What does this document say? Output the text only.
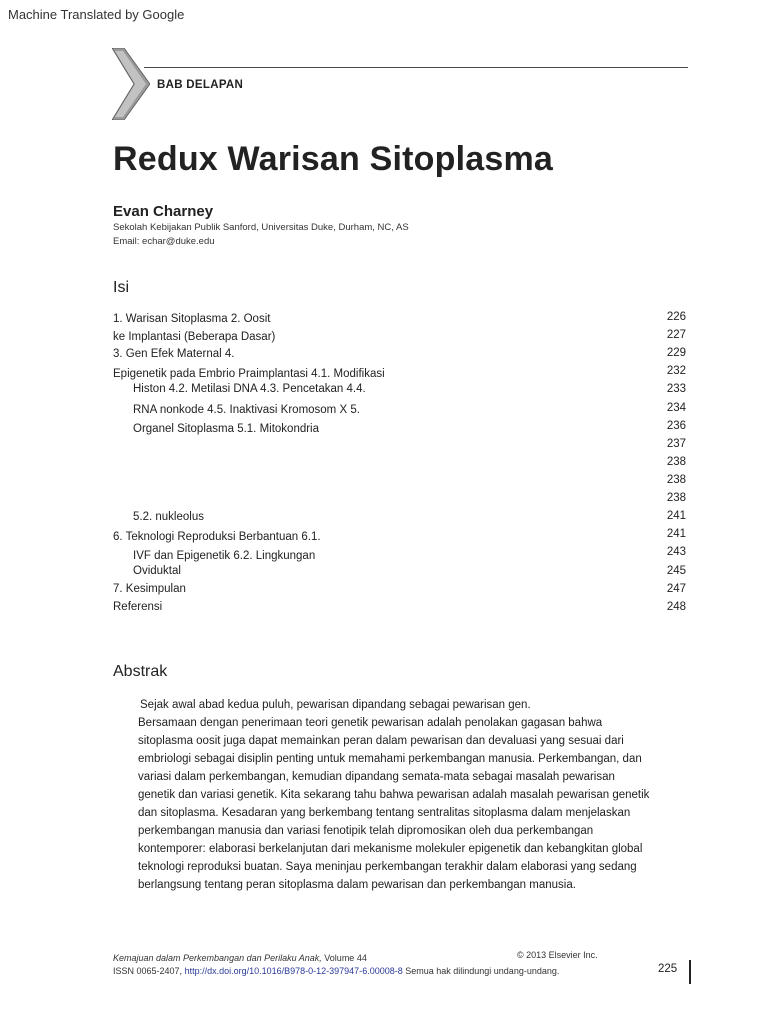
Machine Translated by Google
BAB DELAPAN
Redux Warisan Sitoplasma
Evan Charney
Sekolah Kebijakan Publik Sanford, Universitas Duke, Durham, NC, AS
Email: echar@duke.edu
Isi
1. Warisan Sitoplasma 2. Oosit
ke Implantasi (Beberapa Dasar)
3. Gen Efek Maternal 4.
Epigenetik pada Embrio Praimplantasi 4.1. Modifikasi
Histon 4.2. Metilasi DNA 4.3. Pencetakan 4.4.
RNA nonkode 4.5. Inaktivasi Kromosom X 5.
Organel Sitoplasma 5.1. Mitokondria
5.2. nukleolus
6. Teknologi Reproduksi Berbantuan 6.1.
IVF dan Epigenetik 6.2. Lingkungan
Oviduktal
7. Kesimpulan
Referensi
226
227
229
232
233
234
236
237
238
238
238
241
241
243
245
247
248
Abstrak
Sejak awal abad kedua puluh, pewarisan dipandang sebagai pewarisan gen.
Bersamaan dengan penerimaan teori genetik pewarisan adalah penolakan gagasan bahwa
sitoplasma oosit juga dapat memainkan peran dalam pewarisan dan devaluasi yang sesuai dari
embriologi sebagai disiplin penting untuk memahami perkembangan manusia. Perkembangan, dan
variasi dalam perkembangan, kemudian dipandang semata-mata sebagai masalah pewarisan
genetik dan variasi genetik. Kita sekarang tahu bahwa pewarisan adalah masalah pewarisan genetik
dan sitoplasma. Kesadaran yang berkembang tentang sentralitas sitoplasma dalam menjelaskan
perkembangan manusia dan variasi fenotipik telah dipromosikan oleh dua perkembangan
kontemporer: elaborasi berkelanjutan dari mekanisme molekuler epigenetik dan kebangkitan global
teknologi reproduksi buatan. Saya meninjau perkembangan terakhir dalam elaborasi yang sedang
berlangsung tentang peran sitoplasma dalam pewarisan dan perkembangan manusia.
Kemajuan dalam Perkembangan dan Perilaku Anak, Volume 44	© 2013 Elsevier Inc.
ISSN 0065-2407, http://dx.doi.org/10.1016/B978-0-12-397947-6.00008-8 Semua hak dilindungi undang-undang.	225
